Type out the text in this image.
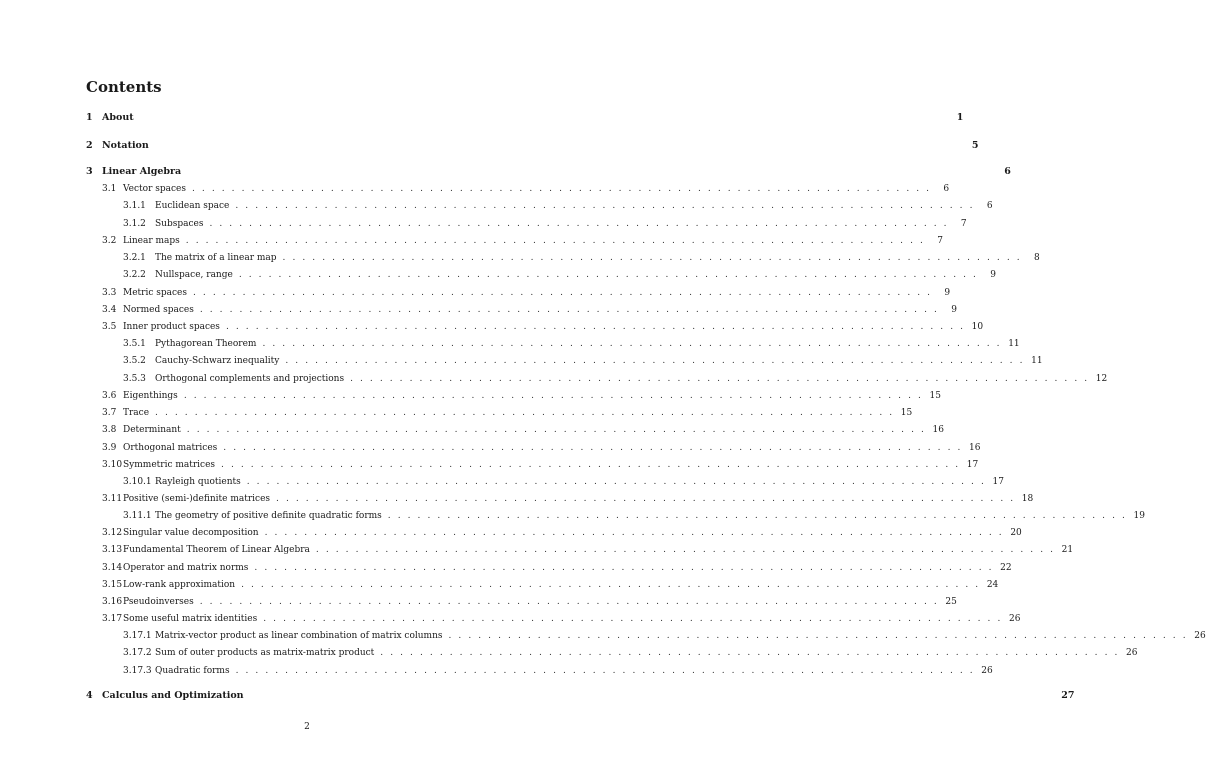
Contents
1 About	1
2 Notation	5
3 Linear Algebra	6
3.1 Vector spaces . . . . . . . . . . . . . . . . . . . . . . . . . . . . . . . . . . . . . . . . . . . . . . . . . . . . . . . . . . . . . . . . . . . . . . . . . . .	6
3.1.1	Euclidean space . . . . . . . . . . . . . . . . . . . . . . . . . . . . . . . . . . . . . . . . . . . . . . . . . . . . . . . . . . . . . . . . . . . . . . . . . . .	6
3.1.2	Subspaces . . . . . . . . . . . . . . . . . . . . . . . . . . . . . . . . . . . . . . . . . . . . . . . . . . . . . . . . . . . . . . . . . . . . . . . . . . .	7
3.2 Linear maps . . . . . . . . . . . . . . . . . . . . . . . . . . . . . . . . . . . . . . . . . . . . . . . . . . . . . . . . . . . . . . . . . . . . . . . . . . .	7
3.2.1	The matrix of a linear map . . . . . . . . . . . . . . . . . . . . . . . . . . . . . . . . . . . . . . . . . . . . . . . . . . . . . . . . . . . . . . . . . . . . . . . . . . .	8
3.2.2	Nullspace, range . . . . . . . . . . . . . . . . . . . . . . . . . . . . . . . . . . . . . . . . . . . . . . . . . . . . . . . . . . . . . . . . . . . . . . . . . . .	9
3.3 Metric spaces . . . . . . . . . . . . . . . . . . . . . . . . . . . . . . . . . . . . . . . . . . . . . . . . . . . . . . . . . . . . . . . . . . . . . . . . . . .	9
3.4 Normed spaces . . . . . . . . . . . . . . . . . . . . . . . . . . . . . . . . . . . . . . . . . . . . . . . . . . . . . . . . . . . . . . . . . . . . . . . . . . .	9
3.5 Inner product spaces . . . . . . . . . . . . . . . . . . . . . . . . . . . . . . . . . . . . . . . . . . . . . . . . . . . . . . . . . . . . . . . . . . . . . . . . . . . 10
3.5.1	Pythagorean Theorem . . . . . . . . . . . . . . . . . . . . . . . . . . . . . . . . . . . . . . . . . . . . . . . . . . . . . . . . . . . . . . . . . . . . . . . . . . . 11
3.5.2	Cauchy-Schwarz inequality . . . . . . . . . . . . . . . . . . . . . . . . . . . . . . . . . . . . . . . . . . . . . . . . . . . . . . . . . . . . . . . . . . . . . . . . . . . 11
3.5.3	Orthogonal complements and projections . . . . . . . . . . . . . . . . . . . . . . . . . . . . . . . . . . . . . . . . . . . . . . . . . . . . . . . . . . . . . . . . . . . . . . . . . . . 12
3.6 Eigenthings . . . . . . . . . . . . . . . . . . . . . . . . . . . . . . . . . . . . . . . . . . . . . . . . . . . . . . . . . . . . . . . . . . . . . . . . . . . 15
3.7 Trace . . . . . . . . . . . . . . . . . . . . . . . . . . . . . . . . . . . . . . . . . . . . . . . . . . . . . . . . . . . . . . . . . . . . . . . . . . . 15
3.8 Determinant . . . . . . . . . . . . . . . . . . . . . . . . . . . . . . . . . . . . . . . . . . . . . . . . . . . . . . . . . . . . . . . . . . . . . . . . . . . 16
3.9 Orthogonal matrices . . . . . . . . . . . . . . . . . . . . . . . . . . . . . . . . . . . . . . . . . . . . . . . . . . . . . . . . . . . . . . . . . . . . . . . . . . . 16
3.10 Symmetric matrices . . . . . . . . . . . . . . . . . . . . . . . . . . . . . . . . . . . . . . . . . . . . . . . . . . . . . . . . . . . . . . . . . . . . . . . . . . . 17
3.10.1 Rayleigh quotients . . . . . . . . . . . . . . . . . . . . . . . . . . . . . . . . . . . . . . . . . . . . . . . . . . . . . . . . . . . . . . . . . . . . . . . . . . . 17
3.11 Positive (semi-)definite matrices . . . . . . . . . . . . . . . . . . . . . . . . . . . . . . . . . . . . . . . . . . . . . . . . . . . . . . . . . . . . . . . . . . . . . . . . . . . 18
3.11.1 The geometry of positive definite quadratic forms . . . . . . . . . . . . . . . . . . . . . . . . . . . . . . . . . . . . . . . . . . . . . . . . . . . . . . . . . . . . . . . . . . . . . . . . . . . 19
3.12 Singular value decomposition . . . . . . . . . . . . . . . . . . . . . . . . . . . . . . . . . . . . . . . . . . . . . . . . . . . . . . . . . . . . . . . . . . . . . . . . . . . 20
3.13 Fundamental Theorem of Linear Algebra . . . . . . . . . . . . . . . . . . . . . . . . . . . . . . . . . . . . . . . . . . . . . . . . . . . . . . . . . . . . . . . . . . . . . . . . . . . 21
3.14 Operator and matrix norms . . . . . . . . . . . . . . . . . . . . . . . . . . . . . . . . . . . . . . . . . . . . . . . . . . . . . . . . . . . . . . . . . . . . . . . . . . . 22
3.15 Low-rank approximation . . . . . . . . . . . . . . . . . . . . . . . . . . . . . . . . . . . . . . . . . . . . . . . . . . . . . . . . . . . . . . . . . . . . . . . . . . . 24
3.16 Pseudoinverses . . . . . . . . . . . . . . . . . . . . . . . . . . . . . . . . . . . . . . . . . . . . . . . . . . . . . . . . . . . . . . . . . . . . . . . . . . . 25
3.17 Some useful matrix identities . . . . . . . . . . . . . . . . . . . . . . . . . . . . . . . . . . . . . . . . . . . . . . . . . . . . . . . . . . . . . . . . . . . . . . . . . . . 26
3.17.1 Matrix-vector product as linear combination of matrix columns . . . . . . . . . . . . . . . . . . . . . . . . . . . . . . . . . . . . . . . . . . . . . . . . . . . . . . . . . . . . . . . . . . . . . . . . . . . 26
3.17.2 Sum of outer products as matrix-matrix product . . . . . . . . . . . . . . . . . . . . . . . . . . . . . . . . . . . . . . . . . . . . . . . . . . . . . . . . . . . . . . . . . . . . . . . . . . . 26
3.17.3 Quadratic forms . . . . . . . . . . . . . . . . . . . . . . . . . . . . . . . . . . . . . . . . . . . . . . . . . . . . . . . . . . . . . . . . . . . . . . . . . . . 26
4 Calculus and Optimization	27
2
